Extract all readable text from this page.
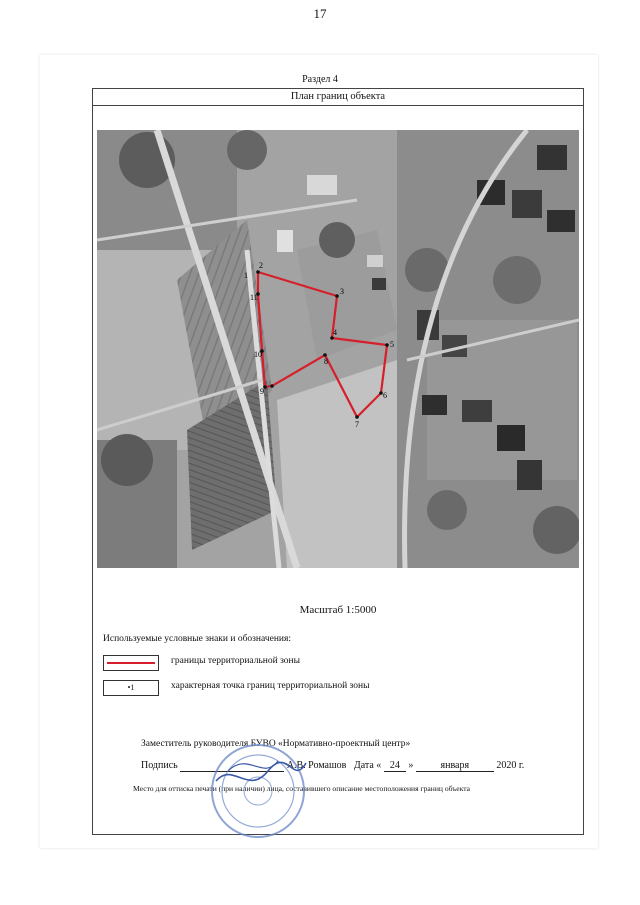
17
Раздел 4
План границ объекта
1
2
3
4
5
6
7
8
9
10
11
Масштаб 1:5000
Используемые условные знаки и обозначения:
границы территориальной зоны
•1	характерная точка границ территориальной зоны
Заместитель руководителя БУВО «Нормативно-проектный центр»
Подпись	А.В. Ромашов Дата « 24 »	января	2020 г.
Место для оттиска печати (при наличии) лица, составившего описание местоположения границ объекта
